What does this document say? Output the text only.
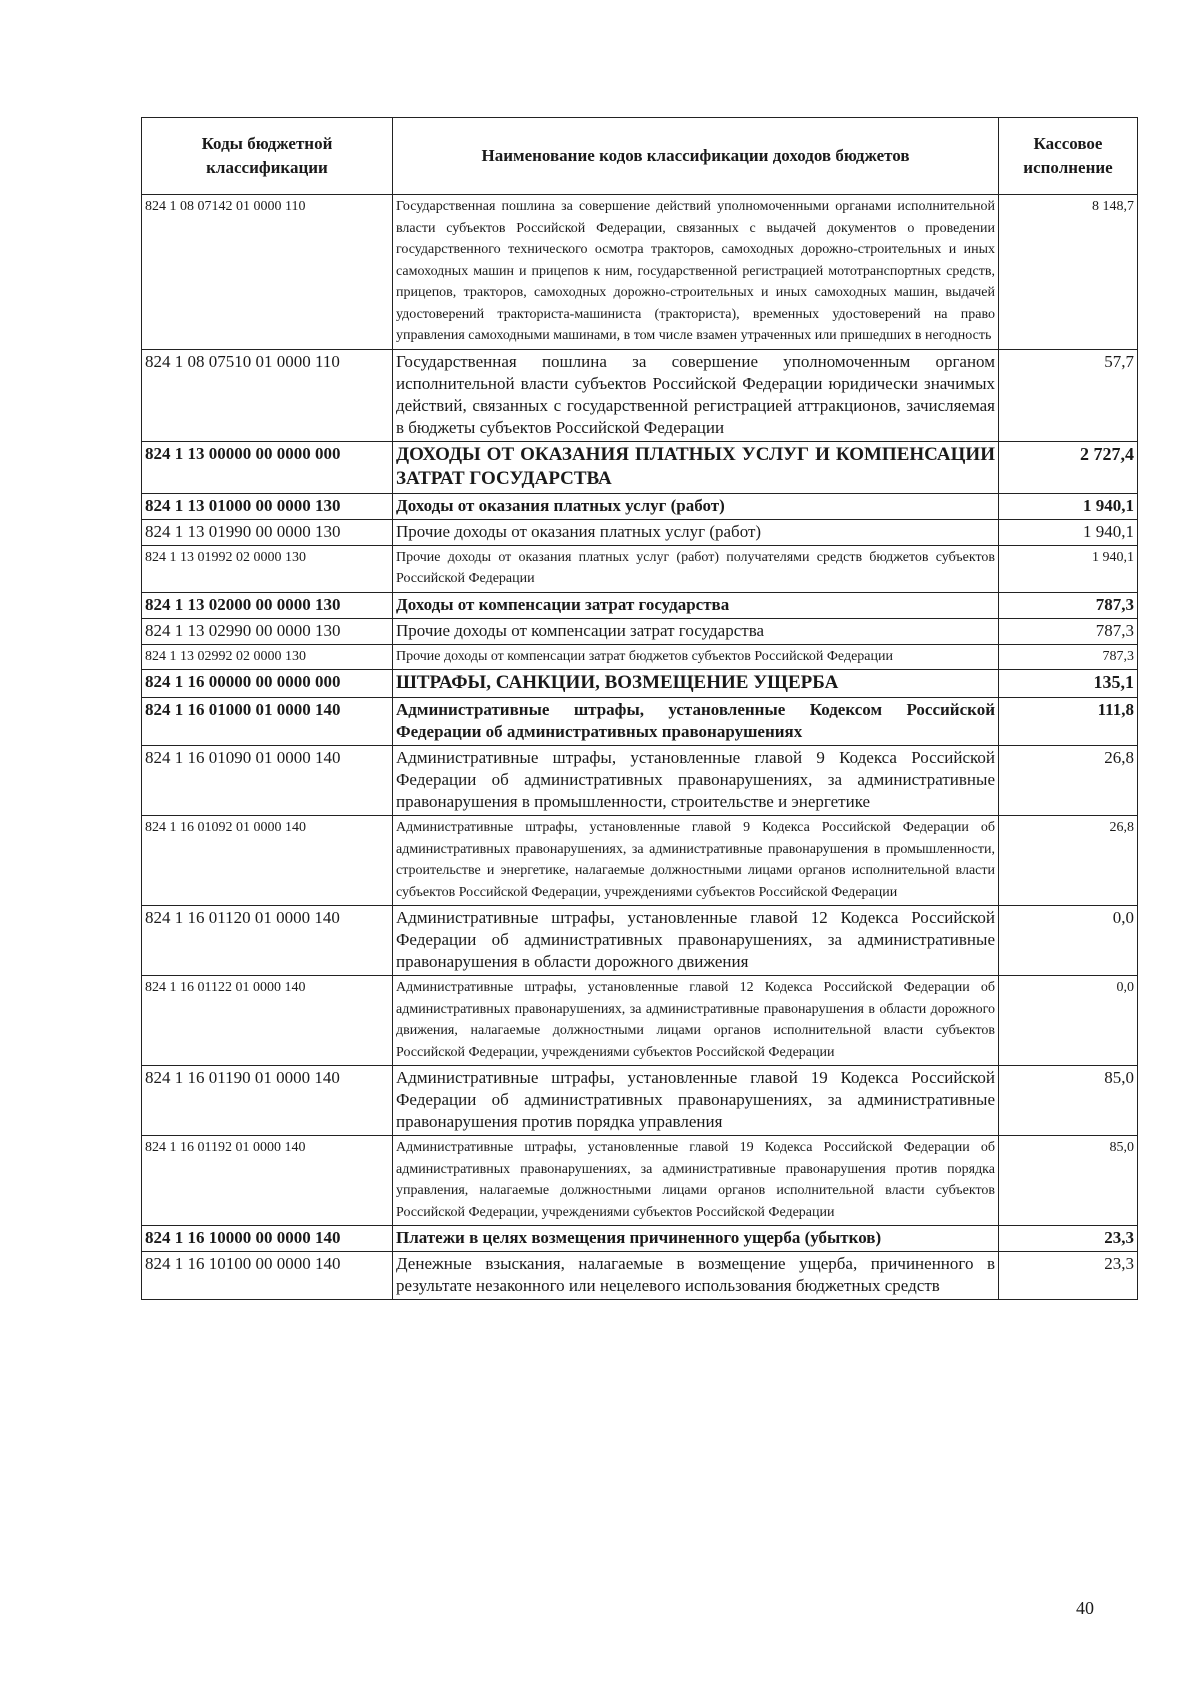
Коды бюджетной классификации	Наименование кодов классификации доходов бюджетов	Кассовое исполнение
824 1 08 07142 01 0000 110	Государственная пошлина за совершение действий уполномоченными органами исполнительной власти субъектов Российской Федерации, связанных с выдачей документов о проведении государственного технического осмотра тракторов, самоходных дорожно-строительных и иных самоходных машин и прицепов к ним, государственной регистрацией мототранспортных средств, прицепов, тракторов, самоходных дорожно-строительных и иных самоходных машин, выдачей удостоверений тракториста-машиниста (тракториста), временных удостоверений на право управления самоходными машинами, в том числе взамен утраченных или пришедших в негодность	8 148,7
824 1 08 07510 01 0000 110	Государственная пошлина за совершение уполномоченным органом исполнительной власти субъектов Российской Федерации юридически значимых действий, связанных с государственной регистрацией аттракционов, зачисляемая в бюджеты субъектов Российской Федерации	57,7
824 1 13 00000 00 0000 000	ДОХОДЫ ОТ ОКАЗАНИЯ ПЛАТНЫХ УСЛУГ И КОМПЕНСАЦИИ ЗАТРАТ ГОСУДАРСТВА	2 727,4
824 1 13 01000 00 0000 130	Доходы от оказания платных услуг (работ)	1 940,1
824 1 13 01990 00 0000 130	Прочие доходы от оказания платных услуг (работ)	1 940,1
824 1 13 01992 02 0000 130	Прочие доходы от оказания платных услуг (работ) получателями средств бюджетов субъектов Российской Федерации	1 940,1
824 1 13 02000 00 0000 130	Доходы от компенсации затрат государства	787,3
824 1 13 02990 00 0000 130	Прочие доходы от компенсации затрат государства	787,3
824 1 13 02992 02 0000 130	Прочие доходы от компенсации затрат бюджетов субъектов Российской Федерации	787,3
824 1 16 00000 00 0000 000	ШТРАФЫ, САНКЦИИ, ВОЗМЕЩЕНИЕ УЩЕРБА	135,1
824 1 16 01000 01 0000 140	Административные штрафы, установленные Кодексом Российской Федерации об административных правонарушениях	111,8
824 1 16 01090 01 0000 140	Административные штрафы, установленные главой 9 Кодекса Российской Федерации об административных правонарушениях, за административные правонарушения в промышленности, строительстве и энергетике	26,8
824 1 16 01092 01 0000 140	Административные штрафы, установленные главой 9 Кодекса Российской Федерации об административных правонарушениях, за административные правонарушения в промышленности, строительстве и энергетике, налагаемые должностными лицами органов исполнительной власти субъектов Российской Федерации, учреждениями субъектов Российской Федерации	26,8
824 1 16 01120 01 0000 140	Административные штрафы, установленные главой 12 Кодекса Российской Федерации об административных правонарушениях, за административные правонарушения в области дорожного движения	0,0
824 1 16 01122 01 0000 140	Административные штрафы, установленные главой 12 Кодекса Российской Федерации об административных правонарушениях, за административные правонарушения в области дорожного движения, налагаемые должностными лицами органов исполнительной власти субъектов Российской Федерации, учреждениями субъектов Российской Федерации	0,0
824 1 16 01190 01 0000 140	Административные штрафы, установленные главой 19 Кодекса Российской Федерации об административных правонарушениях, за административные правонарушения против порядка управления	85,0
824 1 16 01192 01 0000 140	Административные штрафы, установленные главой 19 Кодекса Российской Федерации об административных правонарушениях, за административные правонарушения против порядка управления, налагаемые должностными лицами органов исполнительной власти субъектов Российской Федерации, учреждениями субъектов Российской Федерации	85,0
824 1 16 10000 00 0000 140	Платежи в целях возмещения причиненного ущерба (убытков)	23,3
824 1 16 10100 00 0000 140	Денежные взыскания, налагаемые в возмещение ущерба, причиненного в результате незаконного или нецелевого использования бюджетных средств	23,3
40
